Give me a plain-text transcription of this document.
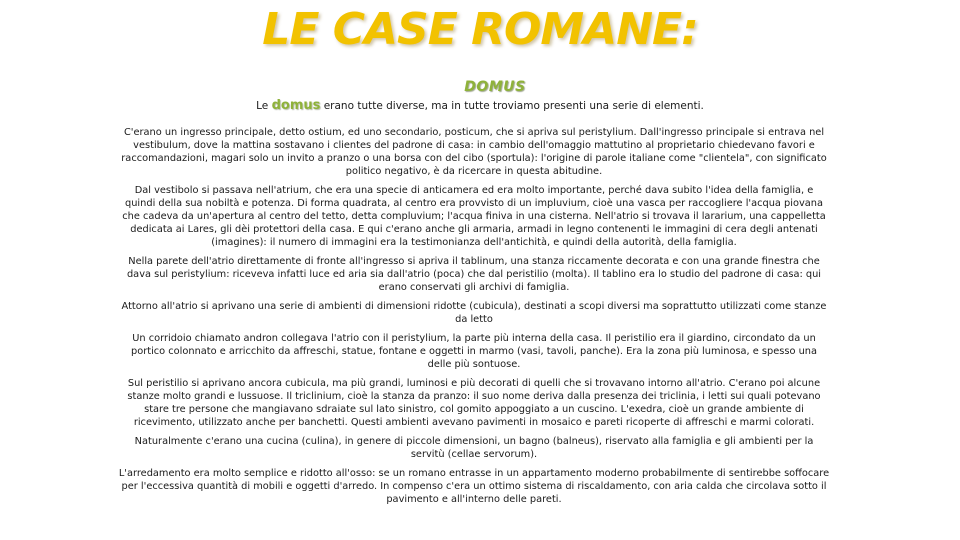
LE CASE ROMANE:
DOMUS
Le domus erano tutte diverse, ma in tutte troviamo presenti una serie di elementi.

C'erano un ingresso principale, detto ostium, ed uno secondario, posticum, che si apriva sul peristylium. Dall'ingresso principale si entrava nel vestibulum, dove la mattina sostavano i clientes del padrone di casa: in cambio dell'omaggio mattutino al proprietario chiedevano favori e raccomandazioni, magari solo un invito a pranzo o una borsa con del cibo (sportula): l'origine di parole italiane come "clientela", con significato politico negativo, è da ricercare in questa abitudine.

Dal vestibolo si passava nell'atrium, che era una specie di anticamera ed era molto importante, perché dava subito l'idea della famiglia, e quindi della sua nobiltà e potenza. Di forma quadrata, al centro era provvisto di un impluvium, cioè una vasca per raccogliere l'acqua piovana che cadeva da un'apertura al centro del tetto, detta compluvium; l'acqua finiva in una cisterna. Nell'atrio si trovava il lararium, una cappelletta dedicata ai Lares, gli dèi protettori della casa. E qui c'erano anche gli armaria, armadi in legno contenenti le immagini di cera degli antenati (imagines): il numero di immagini era la testimonianza dell'antichità, e quindi della autorità, della famiglia.

Nella parete dell'atrio direttamente di fronte all'ingresso si apriva il tablinum, una stanza riccamente decorata e con una grande finestra che dava sul peristylium: riceveva infatti luce ed aria sia dall'atrio (poca) che dal peristilio (molta). Il tablino era lo studio del padrone di casa: qui erano conservati gli archivi di famiglia.

Attorno all'atrio si aprivano una serie di ambienti di dimensioni ridotte (cubicula), destinati a scopi diversi ma soprattutto utilizzati come stanze da letto

Un corridoio chiamato andron collegava l'atrio con il peristylium, la parte più interna della casa. Il peristilio era il giardino, circondato da un portico colonnato e arricchito da affreschi, statue, fontane e oggetti in marmo (vasi, tavoli, panche). Era la zona più luminosa, e spesso una delle più sontuose.

Sul peristilio si aprivano ancora cubicula, ma più grandi, luminosi e più decorati di quelli che si trovavano intorno all'atrio. C'erano poi alcune stanze molto grandi e lussuose. Il triclinium, cioè la stanza da pranzo: il suo nome deriva dalla presenza dei triclinia, i letti sui quali potevano stare tre persone che mangiavano sdraiate sul lato sinistro, col gomito appoggiato a un cuscino. L'exedra, cioè un grande ambiente di ricevimento, utilizzato anche per banchetti. Questi ambienti avevano pavimenti in mosaico e pareti ricoperte di affreschi e marmi colorati.

Naturalmente c'erano una cucina (culina), in genere di piccole dimensioni, un bagno (balneus), riservato alla famiglia e gli ambienti per la servitù (cellae servorum).

L'arredamento era molto semplice e ridotto all'osso: se un romano entrasse in un appartamento moderno probabilmente di sentirebbe soffocare per l'eccessiva quantità di mobili e oggetti d'arredo. In compenso c'era un ottimo sistema di riscaldamento, con aria calda che circolava sotto il pavimento e all'interno delle pareti.
